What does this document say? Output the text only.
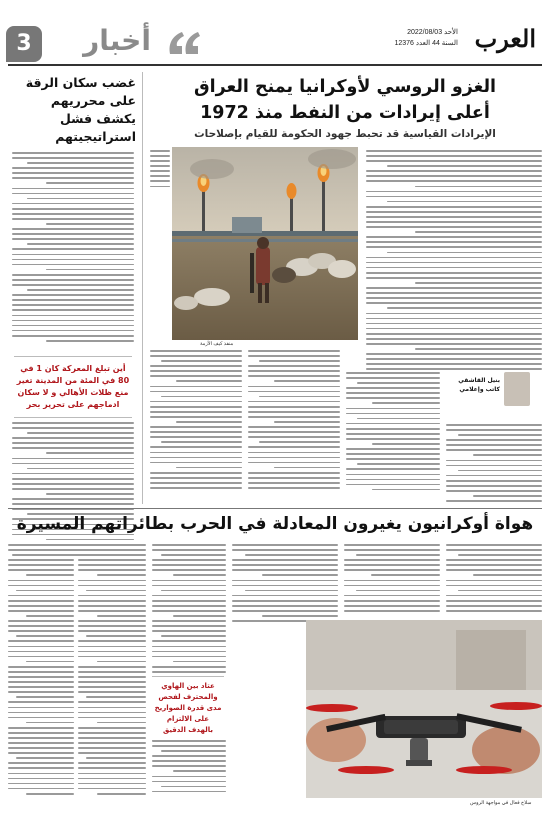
العرب
الأحد 2022/08/03
السنة 44 العدد 12376
3	أخبار
غضب سكان الرقة على محرريهم يكشف فشل استراتيجيتهم
أين تبلغ المعركة كان 1 في 80 في المئة من المدينة تغير منع ظلات الأهالي و لا سكان ادماجهم على تحرير بحر
الغزو الروسي لأوكرانيا يمنح العراق
أعلى إيرادات من النفط منذ 1972
الإيرادات القياسية قد تحبط جهود الحكومة للقيام بإصلاحات
منفذ كيف الأزمة
بنيل القاشقي
كاتب وإعلامي
هواة أوكرانيون يغيرون المعادلة في الحرب بطائراتهم المسيرة
عتاد بين الهاوي والمحترف لفحص مدى قدرة الصواريخ على الالتزام بالهدف الدقيق
سلاح فعال في مواجهة الروس
